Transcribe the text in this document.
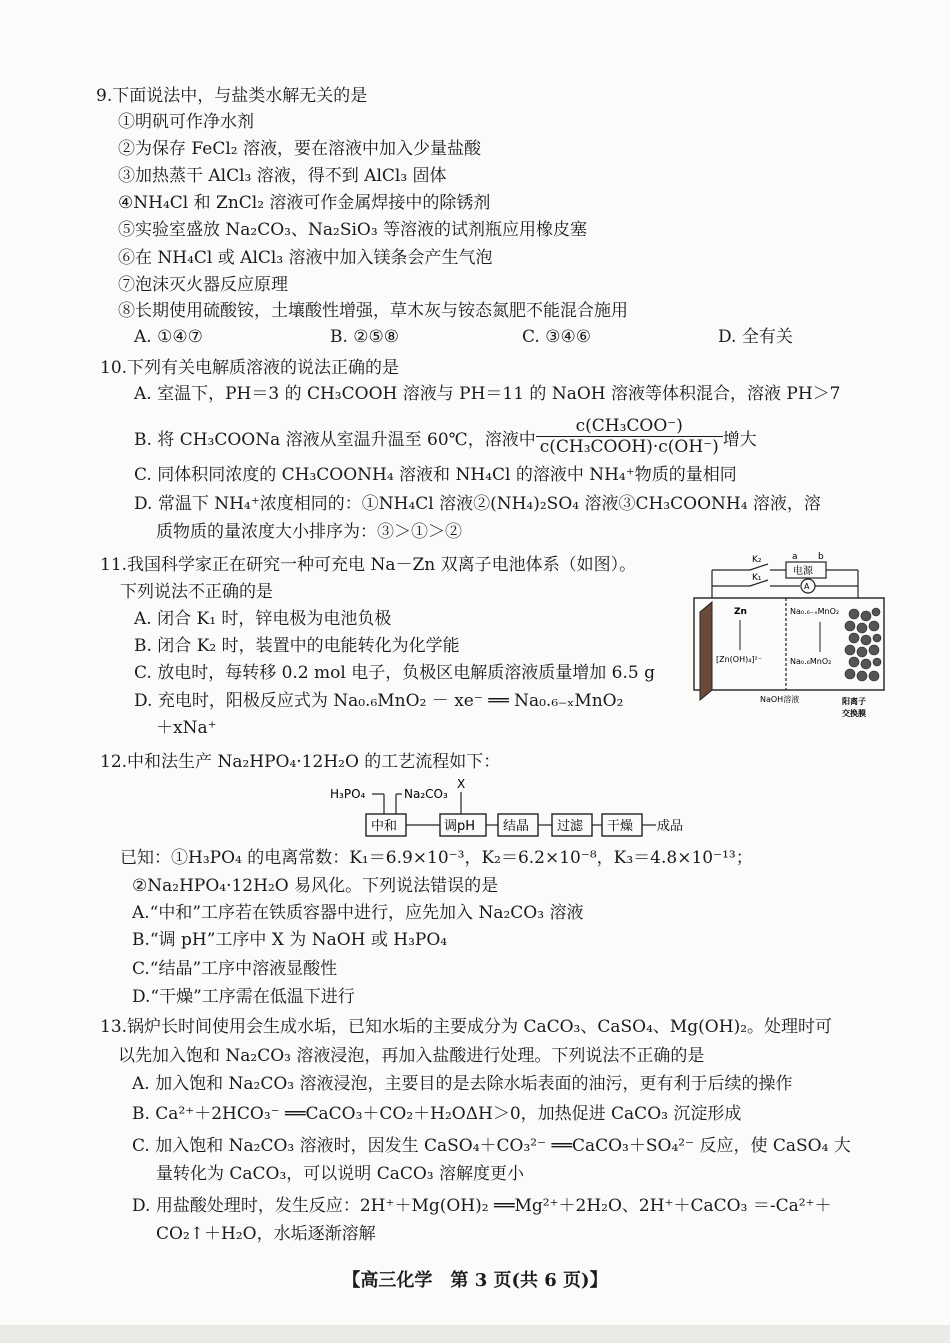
9.下面说法中，与盐类水解无关的是
①明矾可作净水剂
②为保存 FeCl₂ 溶液，要在溶液中加入少量盐酸
③加热蒸干 AlCl₃ 溶液，得不到 AlCl₃ 固体
④NH₄Cl 和 ZnCl₂ 溶液可作金属焊接中的除锈剂
⑤实验室盛放 Na₂CO₃、Na₂SiO₃ 等溶液的试剂瓶应用橡皮塞
⑥在 NH₄Cl 或 AlCl₃ 溶液中加入镁条会产生气泡
⑦泡沫灭火器反应原理
⑧长期使用硫酸铵，土壤酸性增强，草木灰与铵态氮肥不能混合施用
A. ①④⑦	B. ②⑤⑧	C. ③④⑥	D. 全有关
10.下列有关电解质溶液的说法正确的是
A. 室温下，PH＝3 的 CH₃COOH 溶液与 PH＝11 的 NaOH 溶液等体积混合，溶液 PH＞7
B. 将 CH₃COONa 溶液从室温升温至 60℃，溶液中 $\frac{\text{c(CH₃COO⁻)}}{\text{c(CH₃COOH)·c(OH⁻)}}$ 增大
C. 同体积同浓度的 CH₃COONH₄ 溶液和 NH₄Cl 的溶液中 NH₄⁺物质的量相同
D. 常温下 NH₄⁺浓度相同的：①NH₄Cl 溶液②(NH₄)₂SO₄ 溶液③CH₃COONH₄ 溶液，溶
质物质的量浓度大小排序为：③＞①＞②
11.我国科学家正在研究一种可充电 Na－Zn 双离子电池体系（如图）。
下列说法不正确的是
A. 闭合 K₁ 时，锌电极为电池负极
B. 闭合 K₂ 时，装置中的电能转化为化学能
C. 放电时，每转移 0.2 mol 电子，负极区电解质溶液质量增加 6.5 g
D. 充电时，阳极反应式为 Na₀.₆MnO₂ － xe⁻ ══ Na₀.₆₋ₓMnO₂
＋xNa⁺
K₂
K₁
a b
电源
A
Zn	Na₀.₆₋ₓMnO₂
[Zn(OH)₄]²⁻	Na₀.₆MnO₂
NaOH溶液	阳离子
交换膜
12.中和法生产 Na₂HPO₄·12H₂O 的工艺流程如下：
H₃PO₄	Na₂CO₃
X
中和	调pH 结晶 过滤 干燥 成品
已知：①H₃PO₄ 的电离常数：K₁＝6.9×10⁻³，K₂＝6.2×10⁻⁸，K₃＝4.8×10⁻¹³；
②Na₂HPO₄·12H₂O 易风化。下列说法错误的是
A.“中和”工序若在铁质容器中进行，应先加入 Na₂CO₃ 溶液
B.“调 pH”工序中 X 为 NaOH 或 H₃PO₄
C.“结晶”工序中溶液显酸性
D.“干燥”工序需在低温下进行
13.锅炉长时间使用会生成水垢，已知水垢的主要成分为 CaCO₃、CaSO₄、Mg(OH)₂。处理时可
以先加入饱和 Na₂CO₃ 溶液浸泡，再加入盐酸进行处理。下列说法不正确的是
A. 加入饱和 Na₂CO₃ 溶液浸泡，主要目的是去除水垢表面的油污，更有利于后续的操作
B. Ca²⁺＋2HCO₃⁻ ══CaCO₃＋CO₂＋H₂OΔH＞0，加热促进 CaCO₃ 沉淀形成
C. 加入饱和 Na₂CO₃ 溶液时，因发生 CaSO₄＋CO₃²⁻ ══CaCO₃＋SO₄²⁻ 反应，使 CaSO₄ 大
量转化为 CaCO₃，可以说明 CaCO₃ 溶解度更小
D. 用盐酸处理时，发生反应：2H⁺＋Mg(OH)₂ ══Mg²⁺＋2H₂O、2H⁺＋CaCO₃ ＝-Ca²⁺＋
CO₂↑＋H₂O，水垢逐渐溶解
【高三化学　第 3 页(共 6 页)】
